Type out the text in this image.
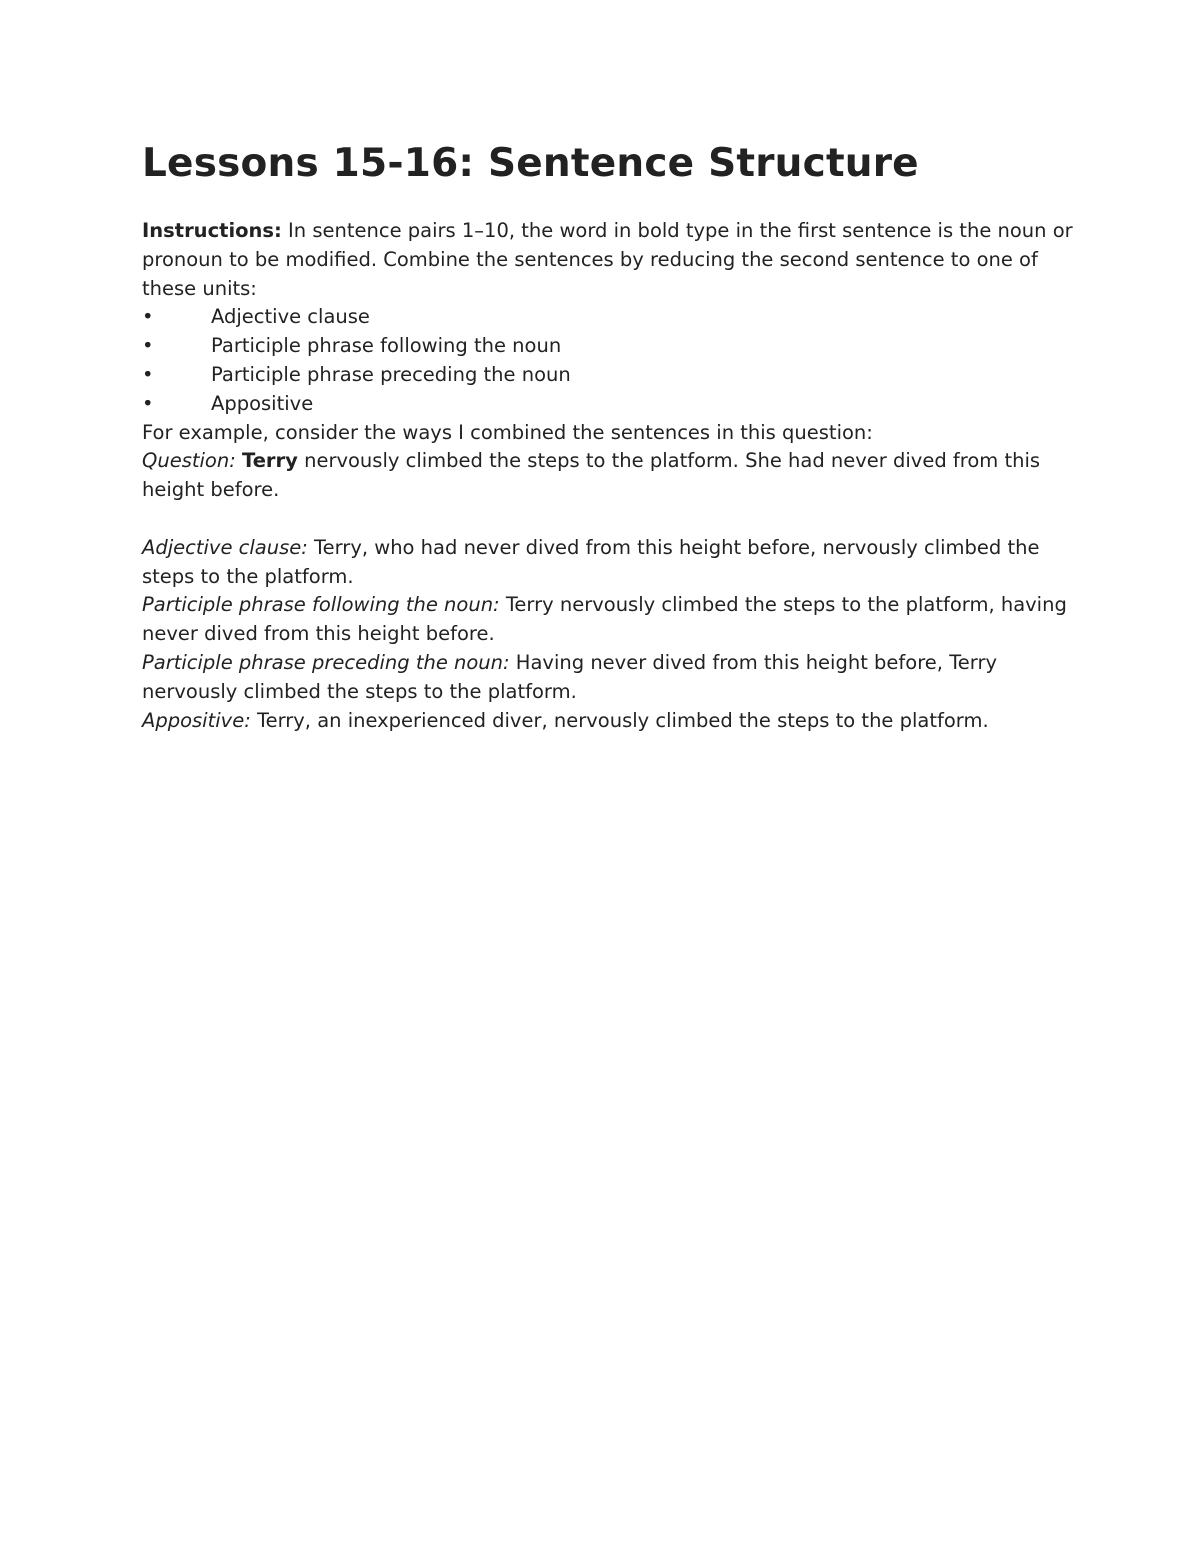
Lessons 15-16: Sentence Structure
Instructions: In sentence pairs 1–10, the word in bold type in the first sentence is the noun or
pronoun to be modified. Combine the sentences by reducing the second sentence to one of
these units:
•	Adjective clause
•	Participle phrase following the noun
•	Participle phrase preceding the noun
•	Appositive
For example, consider the ways I combined the sentences in this question:
Question: Terry nervously climbed the steps to the platform. She had never dived from this
height before.
Adjective clause: Terry, who had never dived from this height before, nervously climbed the
steps to the platform.
Participle phrase following the noun: Terry nervously climbed the steps to the platform, having
never dived from this height before.
Participle phrase preceding the noun: Having never dived from this height before, Terry
nervously climbed the steps to the platform.
Appositive: Terry, an inexperienced diver, nervously climbed the steps to the platform.
